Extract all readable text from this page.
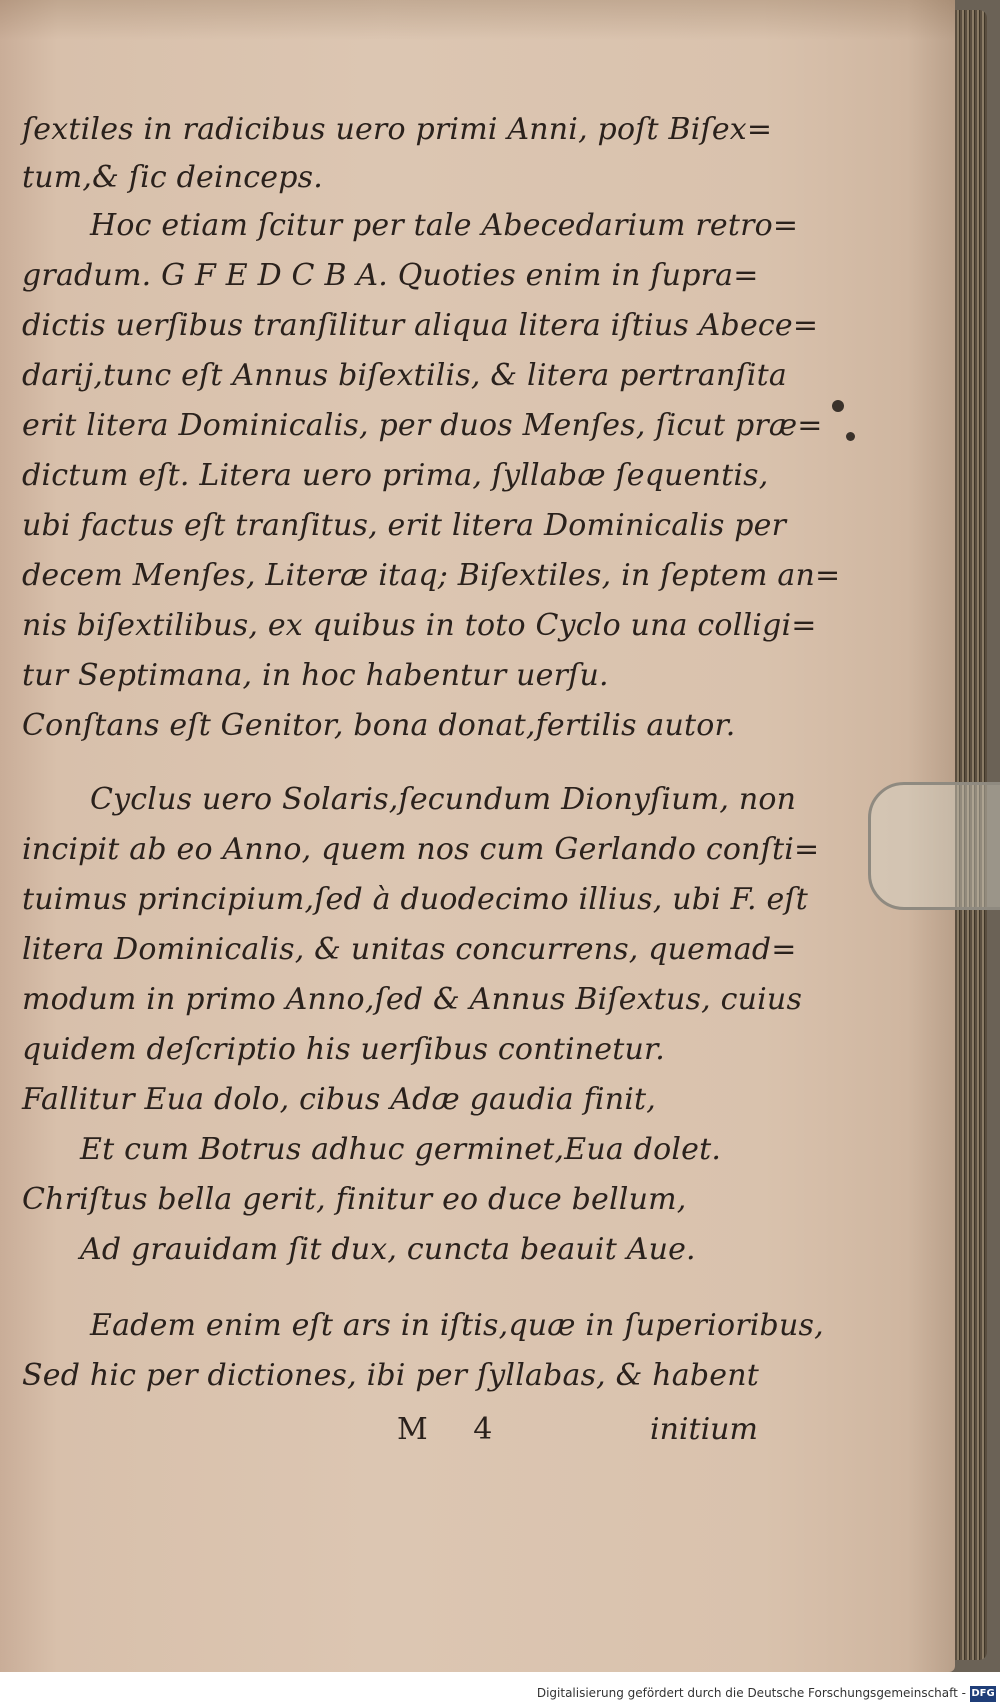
ſextiles in radicibus uero primi Anni, poſt Biſex=
tum,& ſic deinceps.
Hoc etiam ſcitur per tale Abecedarium retro=
gradum. G F E D C B A. Quoties enim in ſupra=
dictis uerſibus tranſilitur aliqua litera iſtius Abece=
darij,tunc eſt Annus biſextilis, & litera pertranſita
erit litera Dominicalis, per duos Menſes, ſicut præ=
dictum eſt. Litera uero prima, ſyllabæ ſequentis,
ubi factus eſt tranſitus, erit litera Dominicalis per
decem Menſes, Literæ itaq; Biſextiles, in ſeptem an=
nis biſextilibus, ex quibus in toto Cyclo una colligi=
tur Septimana, in hoc habentur uerſu.
Conſtans eſt Genitor, bona donat,fertilis autor.
Cyclus uero Solaris,ſecundum Dionyſium, non
incipit ab eo Anno, quem nos cum Gerlando conſti=
tuimus principium,ſed à duodecimo illius, ubi F. eſt
litera Dominicalis, & unitas concurrens, quemad=
modum in primo Anno,ſed & Annus Biſextus, cuius
quidem deſcriptio his uerſibus continetur.
Fallitur Eua dolo, cibus Adæ gaudia finit,
Et cum Botrus adhuc germinet,Eua dolet.
Chriſtus bella gerit, finitur eo duce bellum,
Ad grauidam ſit dux, cuncta beauit Aue.
Eadem enim eſt ars in iſtis,quæ in ſuperioribus,
Sed hic per dictiones, ibi per ſyllabas, & habent
M 4	initium
Digitalisierung gefördert durch die Deutsche Forschungsgemeinschaft - DFG
